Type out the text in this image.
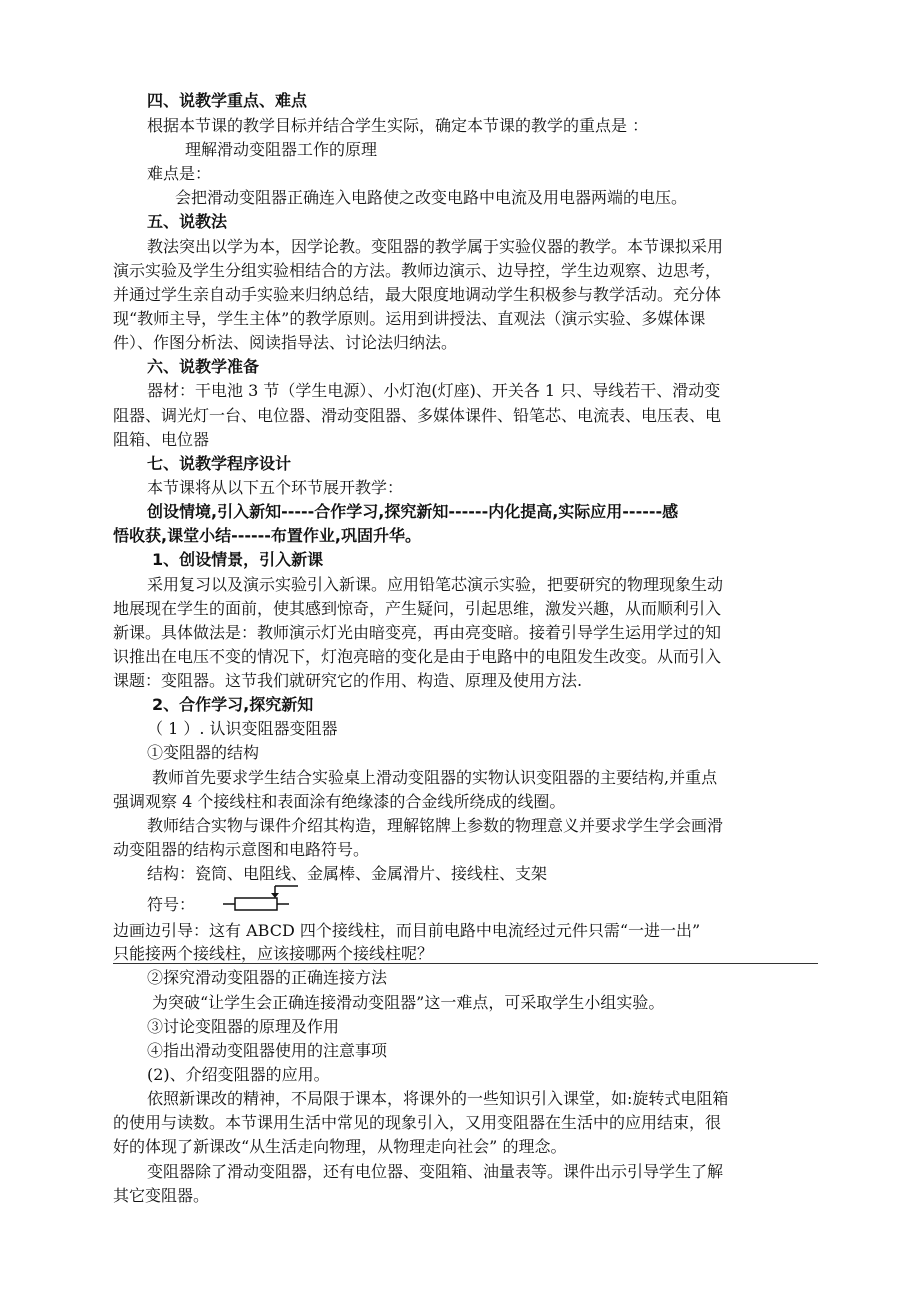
四、说教学重点、难点
根据本节课的教学目标并结合学生实际，确定本节课的教学的重点是 ：
理解滑动变阻器工作的原理
难点是：
会把滑动变阻器正确连入电路使之改变电路中电流及用电器两端的电压。
五、说教法
教法突出以学为本，因学论教。变阻器的教学属于实验仪器的教学。本节课拟采用
演示实验及学生分组实验相结合的方法。教师边演示、边导控，学生边观察、边思考，
并通过学生亲自动手实验来归纳总结，最大限度地调动学生积极参与教学活动。充分体
现“教师主导，学生主体”的教学原则。运用到讲授法、直观法（演示实验、多媒体课
件）、作图分析法、阅读指导法、讨论法归纳法。
六、说教学准备
器材：干电池 3 节（学生电源）、小灯泡(灯座)、开关各 1 只、导线若干、滑动变
阻器、调光灯一台、电位器、滑动变阻器、多媒体课件、铅笔芯、电流表、电压表、电
阻箱、电位器
七、说教学程序设计
本节课将从以下五个环节展开教学：
创设情境,引入新知-----合作学习,探究新知------内化提高,实际应用------感
悟收获,课堂小结------布置作业,巩固升华。
1、创设情景，引入新课
采用复习以及演示实验引入新课。应用铅笔芯演示实验，把要研究的物理现象生动
地展现在学生的面前，使其感到惊奇，产生疑问，引起思维，激发兴趣，从而顺利引入
新课。具体做法是：教师演示灯光由暗变亮，再由亮变暗。接着引导学生运用学过的知
识推出在电压不变的情况下，灯泡亮暗的变化是由于电路中的电阻发生改变。从而引入
课题：变阻器。这节我们就研究它的作用、构造、原理及使用方法.
2、合作学习,探究新知
（ 1 ）. 认识变阻器变阻器
①变阻器的结构
教师首先要求学生结合实验桌上滑动变阻器的实物认识变阻器的主要结构,并重点
强调观察 4 个接线柱和表面涂有绝缘漆的合金线所绕成的线圈。
教师结合实物与课件介绍其构造，理解铭牌上参数的物理意义并要求学生学会画滑
动变阻器的结构示意图和电路符号。
结构：瓷筒、电阻线、金属棒、金属滑片、接线柱、支架
符号：
边画边引导：这有 ABCD 四个接线柱，而目前电路中电流经过元件只需“一进一出”
只能接两个接线柱，应该接哪两个接线柱呢？
②探究滑动变阻器的正确连接方法
为突破“让学生会正确连接滑动变阻器”这一难点，可采取学生小组实验。
③讨论变阻器的原理及作用
④指出滑动变阻器使用的注意事项
(2)、介绍变阻器的应用。
依照新课改的精神，不局限于课本，将课外的一些知识引入课堂，如:旋转式电阻箱
的使用与读数。本节课用生活中常见的现象引入，又用变阻器在生活中的应用结束，很
好的体现了新课改“从生活走向物理，从物理走向社会” 的理念。
变阻器除了滑动变阻器，还有电位器、变阻箱、油量表等。课件出示引导学生了解
其它变阻器。
